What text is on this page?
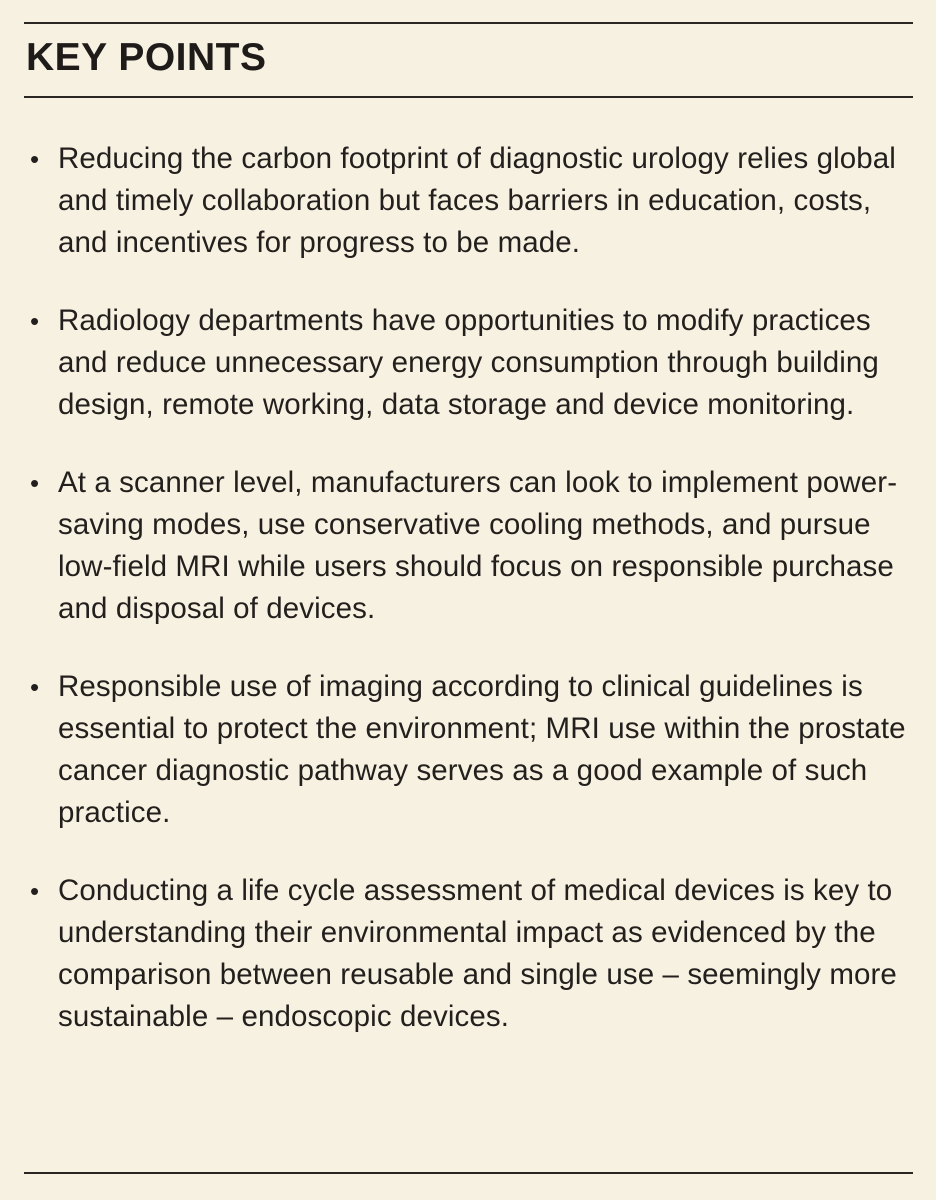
KEY POINTS
• Reducing the carbon footprint of diagnostic urology relies global and timely collaboration but faces barriers in education, costs, and incentives for progress to be made.
• Radiology departments have opportunities to modify practices and reduce unnecessary energy consumption through building design, remote working, data storage and device monitoring.
• At a scanner level, manufacturers can look to implement power-saving modes, use conservative cooling methods, and pursue low-field MRI while users should focus on responsible purchase and disposal of devices.
• Responsible use of imaging according to clinical guidelines is essential to protect the environment; MRI use within the prostate cancer diagnostic pathway serves as a good example of such practice.
• Conducting a life cycle assessment of medical devices is key to understanding their environmental impact as evidenced by the comparison between reusable and single use – seemingly more sustainable – endoscopic devices.
